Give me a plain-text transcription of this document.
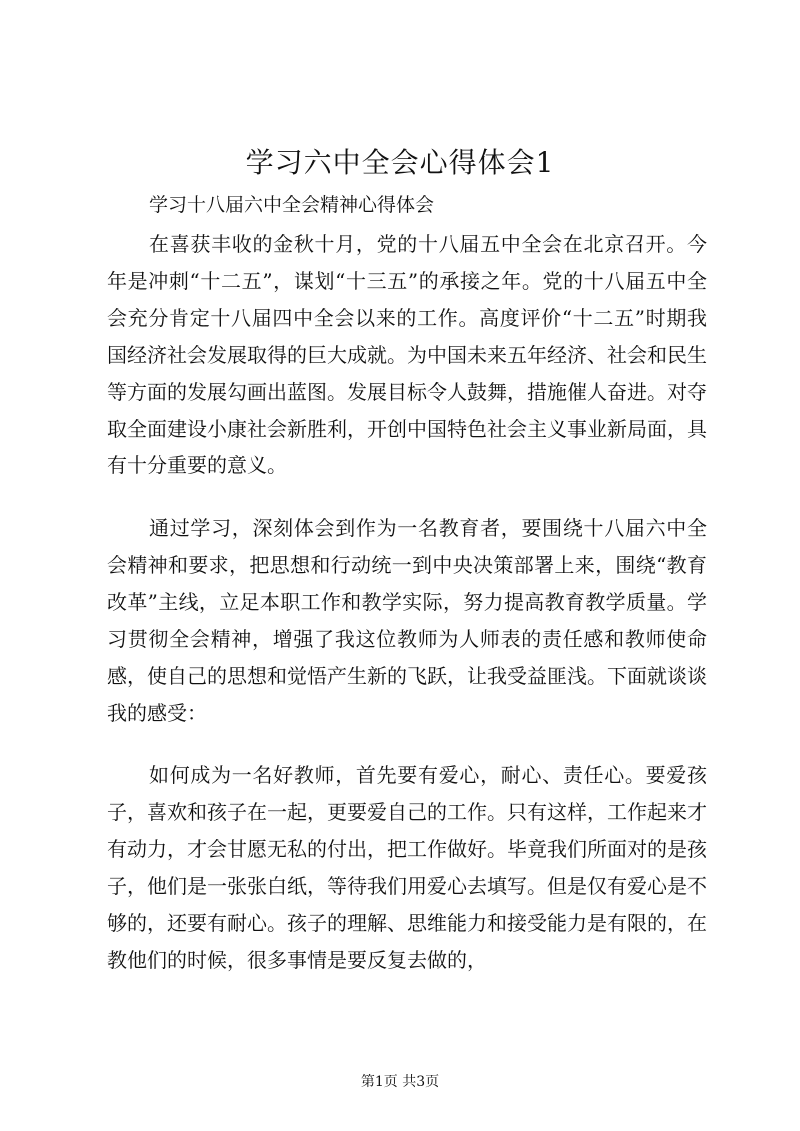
学习六中全会心得体会1
学习十八届六中全会精神心得体会

在喜获丰收的金秋十月，党的十八届五中全会在北京召开。今年是冲刺“十二五”，谋划“十三五”的承接之年。党的十八届五中全会充分肯定十八届四中全会以来的工作。高度评价“十二五”时期我国经济社会发展取得的巨大成就。为中国未来五年经济、社会和民生等方面的发展勾画出蓝图。发展目标令人鼓舞，措施催人奋进。对夺取全面建设小康社会新胜利，开创中国特色社会主义事业新局面，具有十分重要的意义。

通过学习，深刻体会到作为一名教育者，要围绕十八届六中全会精神和要求，把思想和行动统一到中央决策部署上来，围绕“教育改革”主线，立足本职工作和教学实际，努力提高教育教学质量。学习贯彻全会精神，增强了我这位教师为人师表的责任感和教师使命感，使自己的思想和觉悟产生新的飞跃，让我受益匪浅。下面就谈谈我的感受：

如何成为一名好教师，首先要有爱心，耐心、责任心。要爱孩子，喜欢和孩子在一起，更要爱自己的工作。只有这样，工作起来才有动力，才会甘愿无私的付出，把工作做好。毕竟我们所面对的是孩子，他们是一张张白纸，等待我们用爱心去填写。但是仅有爱心是不够的，还要有耐心。孩子的理解、思维能力和接受能力是有限的，在教他们的时候，很多事情是要反复去做的，

第1页 共3页
